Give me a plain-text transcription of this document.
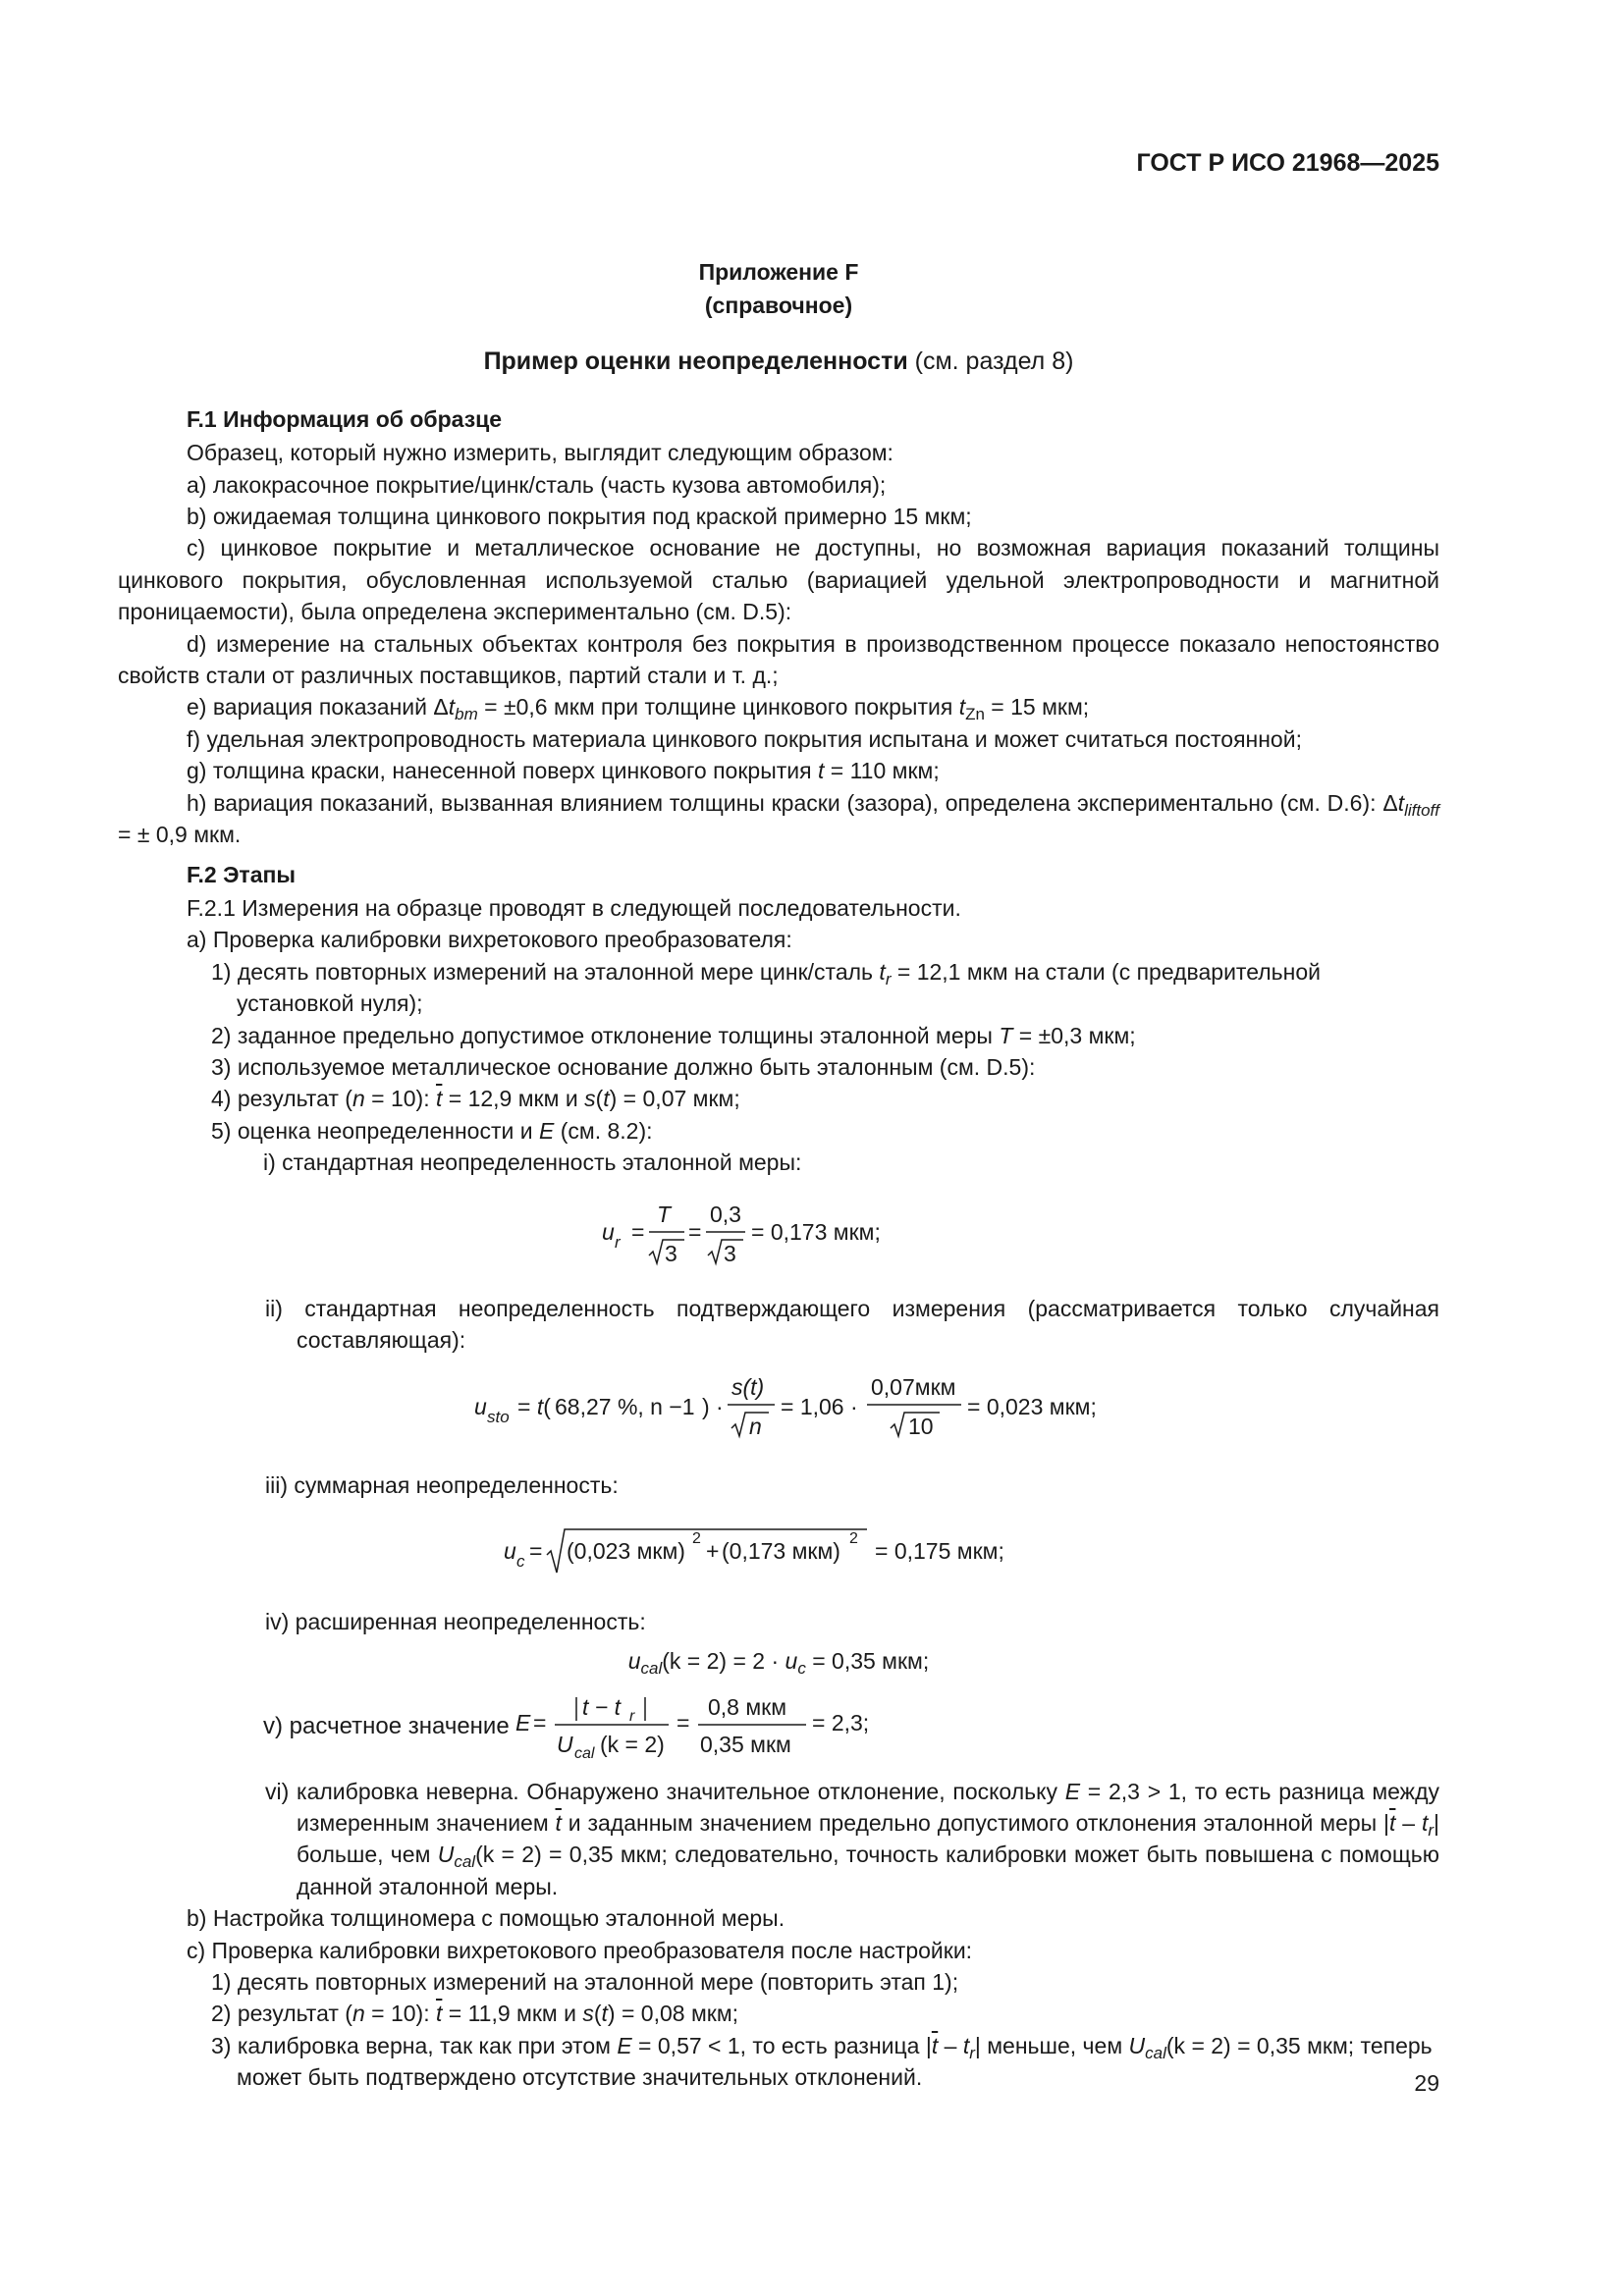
ГОСТ Р ИСО 21968—2025
Приложение F
(справочное)
Пример оценки неопределенности (см. раздел 8)
F.1 Информация об образце

Образец, который нужно измерить, выглядит следующим образом:

a) лакокрасочное покрытие/цинк/сталь (часть кузова автомобиля);

b) ожидаемая толщина цинкового покрытия под краской примерно 15 мкм;

c) цинковое покрытие и металлическое основание не доступны, но возможная вариация показаний толщины цинкового покрытия, обусловленная используемой сталью (вариацией удельной электропроводности и магнитной проницаемости), была определена экспериментально (см. D.5):

d) измерение на стальных объектах контроля без покрытия в производственном процессе показало непостоянство свойств стали от различных поставщиков, партий стали и т. д.;

e) вариация показаний $\Delta t_{bm} = \pm 0,6$ мкм при толщине цинкового покрытия $t_{Zn} = 15$ мкм;

f) удельная электропроводность материала цинкового покрытия испытана и может считаться постоянной;

g) толщина краски, нанесенной поверх цинкового покрытия t = 110 мкм;

h) вариация показаний, вызванная влиянием толщины краски (зазора), определена экспериментально (см. D.6): $\Delta t_{liftoff}$ = ± 0,9 мкм.

F.2 Этапы

F.2.1 Измерения на образце проводят в следующей последовательности.

a) Проверка калибровки вихретокового преобразователя:

1) десять повторных измерений на эталонной мере цинк/сталь $t_r = 12,1$ мкм на стали (с предварительной установкой нуля);

2) заданное предельно допустимое отклонение толщины эталонной меры T = ±0,3 мкм;

3) используемое металлическое основание должно быть эталонным (см. D.5):

4) результат (n = 10): $\overline{t} = 12,9$ мкм и s(t) = 0,07 мкм;

5) оценка неопределенности и E (см. 8.2):

i) стандартная неопределенность эталонной меры:

u r =
T
3
=
0,3
3
= 0,173 мкм;

ii) стандартная неопределенность подтверждающего измерения (рассматривается только случайная составляющая):

u sto = t( 68,27 %, n −1 ) ·
s(t)
n
= 1,06 ·
0,07мкм
10
= 0,023 мкм;

iii) суммарная неопределенность:

u c = (0,023 мкм) 2 + (0,173 мкм) 2 = 0,175 мкм;

iv) расширенная неопределенность:

$u_{cal}(k = 2) = 2 \cdot u_c = 0,35$ мкм;

v) расчетное значение E =
t − t r
U cal (k = 2)
=
0,8 мкм
0,35 мкм
= 2,3;

vi) калибровка неверна. Обнаружено значительное отклонение, поскольку E = 2,3 > 1, то есть разница между измеренным значением $\overline{t}$ и заданным значением предельно допустимого отклонения эталонной меры $|\overline{t} - t_r|$ больше, чем $U_{cal}(k = 2) = 0,35$ мкм; следовательно, точность калибровки может быть повышена с помощью данной эталонной меры.

b) Настройка толщиномера с помощью эталонной меры.

c) Проверка калибровки вихретокового преобразователя после настройки:

1) десять повторных измерений на эталонной мере (повторить этап 1);

2) результат (n = 10): $\overline{t} = 11,9$ мкм и s(t) = 0,08 мкм;

3) калибровка верна, так как при этом E = 0,57 < 1, то есть разница $|\overline{t} - t_r|$ меньше, чем $U_{cal}(k = 2) = 0,35$ мкм; теперь может быть подтверждено отсутствие значительных отклонений.	29
